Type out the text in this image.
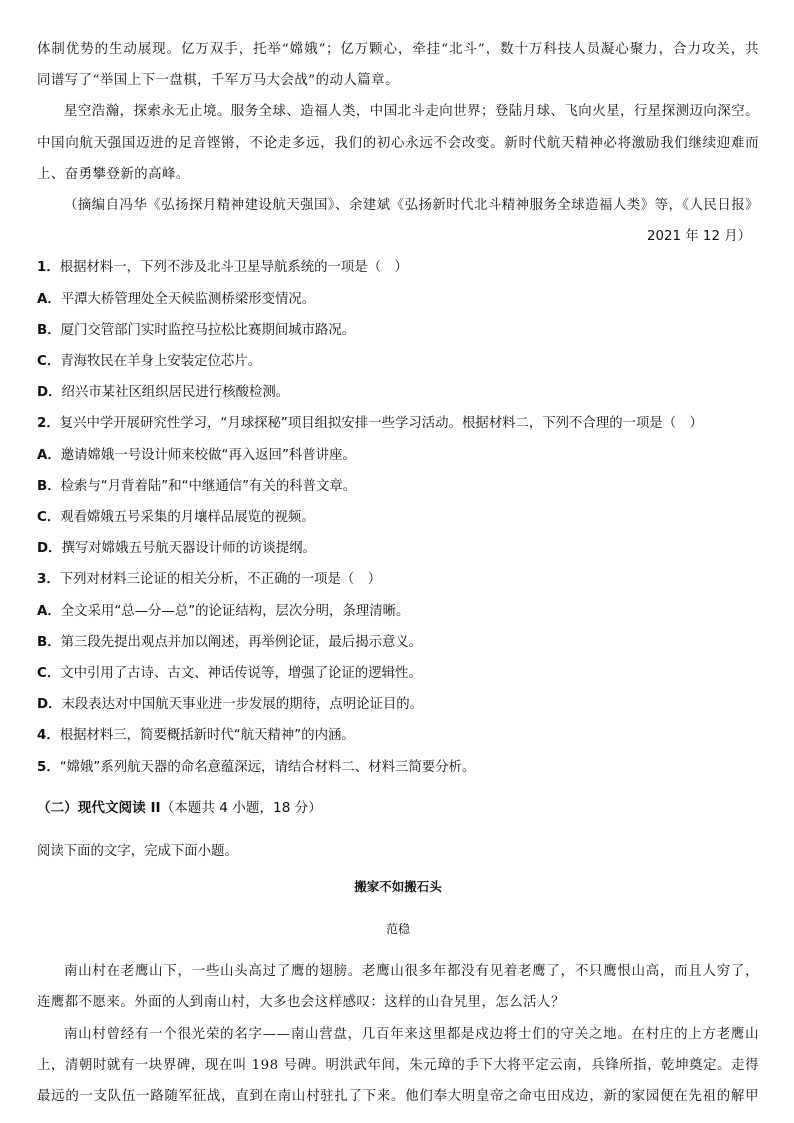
体制优势的生动展现。亿万双手，托举“嫦娥”；亿万颗心，牵挂“北斗”，数十万科技人员凝心聚力，合力攻关，共

同谱写了“举国上下一盘棋，千军万马大会战”的动人篇章。

星空浩瀚，探索永无止境。服务全球、造福人类，中国北斗走向世界；登陆月球、飞向火星，行星探测迈向深空。

中国向航天强国迈进的足音铿锵，不论走多远，我们的初心永远不会改变。新时代航天精神必将激励我们继续迎难而

上、奋勇攀登新的高峰。

（摘编自冯华《弘扬探月精神建设航天强国》、余建斌《弘扬新时代北斗精神服务全球造福人类》等，《人民日报》

2021 年 12 月）

1．根据材料一，下列不涉及北斗卫星导航系统的一项是（　）

A．平潭大桥管理处全天候监测桥梁形变情况。

B．厦门交管部门实时监控马拉松比赛期间城市路况。

C．青海牧民在羊身上安装定位芯片。

D．绍兴市某社区组织居民进行核酸检测。

2．复兴中学开展研究性学习，“月球探秘”项目组拟安排一些学习活动。根据材料二，下列不合理的一项是（　）

A．邀请嫦娥一号设计师来校做“再入返回”科普讲座。

B．检索与“月背着陆”和“中继通信”有关的科普文章。

C．观看嫦娥五号采集的月壤样品展览的视频。

D．撰写对嫦娥五号航天器设计师的访谈提纲。

3．下列对材料三论证的相关分析，不正确的一项是（　）

A．全文采用“总—分—总”的论证结构，层次分明，条理清晰。

B．第三段先提出观点并加以阐述，再举例论证，最后揭示意义。

C．文中引用了古诗、古文、神话传说等，增强了论证的逻辑性。

D．末段表达对中国航天事业进一步发展的期待，点明论证目的。

4．根据材料三，简要概括新时代“航天精神”的内涵。

5．“嫦娥”系列航天器的命名意蕴深远，请结合材料二、材料三简要分析。

（二）现代文阅读 II（本题共 4 小题，18 分）

阅读下面的文字，完成下面小题。

搬家不如搬石头

范稳

南山村在老鹰山下，一些山头高过了鹰的翅膀。老鹰山很多年都没有见着老鹰了，不只鹰恨山高，而且人穷了，

连鹰都不愿来。外面的人到南山村，大多也会这样感叹：这样的山旮旯里，怎么活人？

南山村曾经有一个很光荣的名字——南山营盘，几百年来这里都是戍边将士们的守关之地。在村庄的上方老鹰山

上，清朝时就有一块界碑，现在叫 198 号碑。明洪武年间，朱元璋的手下大将平定云南，兵锋所指，乾坤奠定。走得

最远的一支队伍一路随军征战，直到在南山村驻扎了下来。他们奉大明皇帝之命屯田戍边，新的家园便在先祖的解甲
